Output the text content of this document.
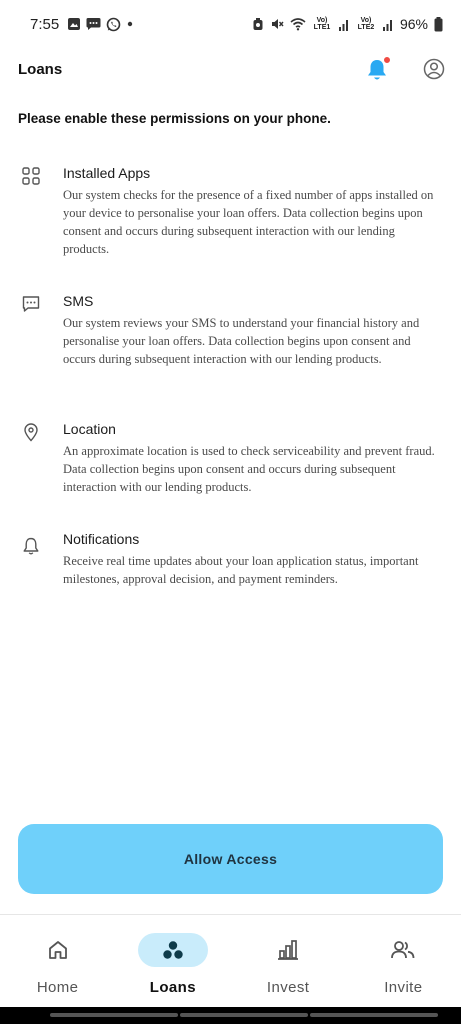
7:55	Vo) LTE1
Vo) LTE2 96%
Loans
Please enable these permissions on your phone.
Installed Apps
Our system checks for the presence of a fixed number of apps installed on your device to personalise your loan offers. Data collection begins upon consent and occurs during subsequent interaction with our lending products.
SMS
Our system reviews your SMS to understand your financial history and personalise your loan offers. Data collection begins upon consent and occurs during subsequent interaction with our lending products.
Location
An approximate location is used to check serviceability and prevent fraud. Data collection begins upon consent and occurs during subsequent interaction with our lending products.
Notifications
Receive real time updates about your loan application status, important milestones, approval decision, and payment reminders.
Allow Access
Home	Loans	Invest	Invite
